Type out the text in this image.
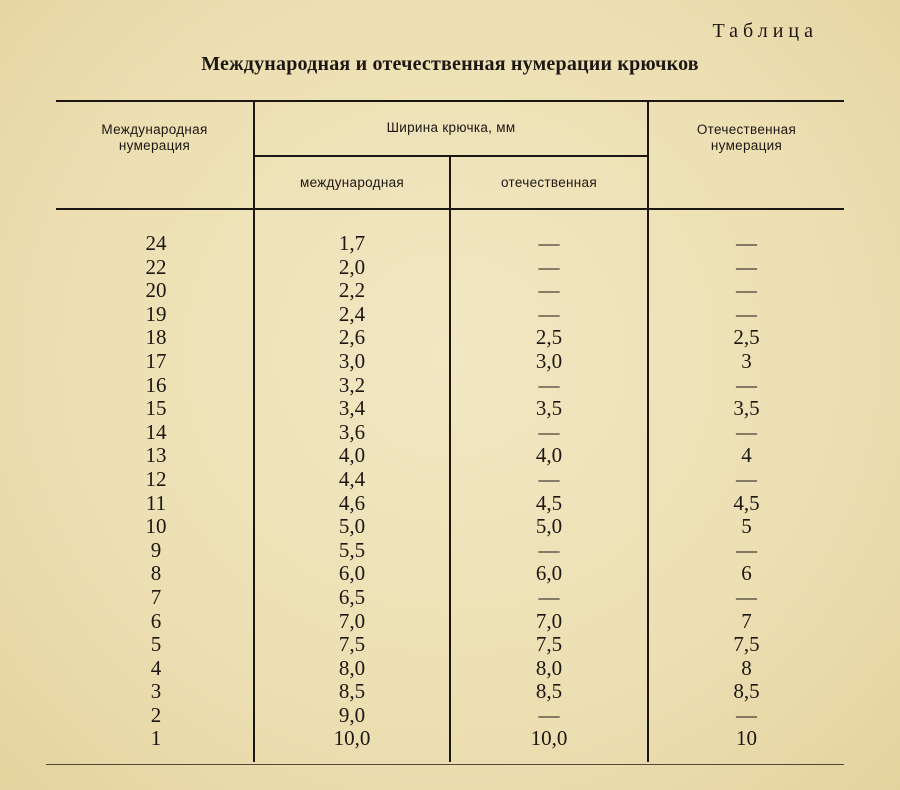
Таблица
Международная и отечественная нумерации крючков
Международная
нумерация
Ширина крючка, мм
международная	отечественная
Отечественная
нумерация
24
22
20
19
18
17
16
15
14
13
12
11
10
9
8
7
6
5
4
3
2
1
1,7
2,0
2,2
2,4
2,6
3,0
3,2
3,4
3,6
4,0
4,4
4,6
5,0
5,5
6,0
6,5
7,0
7,5
8,0
8,5
9,0
10,0
—
—
—
—
2,5
3,0
—
3,5
—
4,0
—
4,5
5,0
—
6,0
—
7,0
7,5
8,0
8,5
—
10,0
—
—
—
—
2,5
3
—
3,5
—
4
—
4,5
5
—
6
—
7
7,5
8
8,5
—
10
